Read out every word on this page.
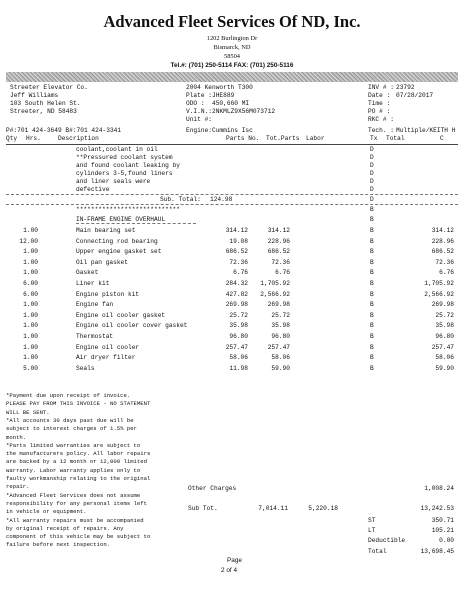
Advanced Fleet Services Of ND, Inc.
1202 Burlington Dr
Bismarck, ND
58504
Tel.#: (701) 250-5114 FAX: (701) 250-5116
Streeter Elevator Co.
Jeff Williams
103 South Helen St.
Streeter, ND 58483
P#:701 424-3649 B#:701 424-3341
2004 Kenworth T300
Plate : JHE889
ODO : 450,660 MI
V.I.N.: 2NKMLZ9X56M073712
Unit #:
Engine: Cummins Isc
INV # : 23792
Date : 07/28/2017
Time :
PO # :
RKC # :
Tech. : Multiple/KEITH H
Qty Hrs.	Description	Parts No. Tot.Parts Labor	Tx Total	C
coolant,coolant in oil	D
**Pressured coolant system	D
and found coolant leaking by	D
cylinders 3-5,found liners	D
and liner seals were	D
defective	D
Sub. Total: 124.98	D
****************************	B
IN-FRAME ENGINE OVERHAUL	B
1.00	Main bearing set	314.12	314.12	B	314.12
12.00	Connecting rod bearing	19.08	228.96	B	228.96
1.00	Upper engine gasket set	686.52	686.52	B	686.52
1.00	Oil pan gasket	72.36	72.36	B	72.36
1.00	Gasket	6.76	6.76	B	6.76
6.00	Liner kit	284.32 1,705.92	B	1,705.92
6.00	Engine piston kit	427.82 2,566.92	B	2,566.92
1.00	Engine fan	269.98	269.98	B	269.98
1.00	Engine oil cooler gasket	25.72	25.72	B	25.72
1.00	Engine oil cooler cover gasket	35.98	35.98	B	35.98
1.00	Thermostat	96.80	96.80	B	96.80
1.00	Engine oil cooler	257.47	257.47	B	257.47
1.00	Air dryer filter	58.06	58.06	B	58.06
5.00	Seals	11.98	59.90	B	59.90
*Payment due upon receipt of invoice.
PLEASE PAY FROM THIS INVOICE - NO STATEMENT
WILL BE SENT.
*All accounts 30 days past due will be
subject to interest charges of 1.5% per
month.
*Parts limited warranties are subject to
the manufacturers policy. All labor repairs
are backed by a 12 month or 12,000 limited
warranty. Labor warranty applies only to
faulty workmanship relating to the original
repair.
*Advanced Fleet Services does not assume
responsibility for any personal items left
in vehicle or equipment.
*All warranty repairs must be accompanied
by original receipt of repairs. Any
component of this vehicle may be subject to
failure before next inspection.
Other Charges	1,008.24
Sub Tot.	7,014.11	5,220.18	13,242.53
ST	350.71
LT	105.21
Deductible	0.00
Total	13,698.45
Page
2 of 4
